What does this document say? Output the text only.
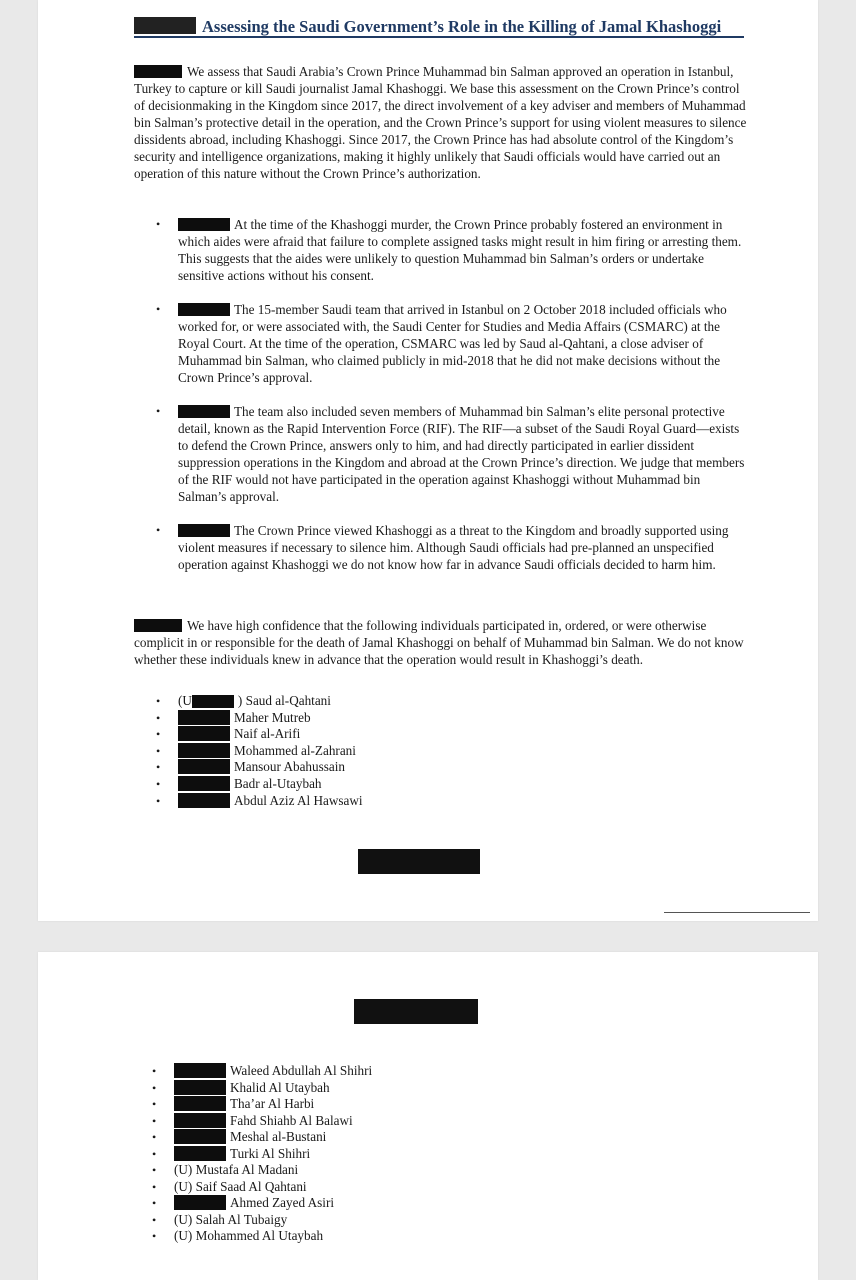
Assessing the Saudi Government’s Role in the Killing of Jamal Khashoggi

We assess that Saudi Arabia’s Crown Prince Muhammad bin Salman approved an operation in Istanbul, Turkey to capture or kill Saudi journalist Jamal Khashoggi. We base this assessment on the Crown Prince’s control of decisionmaking in the Kingdom since 2017, the direct involvement of a key adviser and members of Muhammad bin Salman’s protective detail in the operation, and the Crown Prince’s support for using violent measures to silence dissidents abroad, including Khashoggi. Since 2017, the Crown Prince has had absolute control of the Kingdom’s security and intelligence organizations, making it highly unlikely that Saudi officials would have carried out an operation of this nature without the Crown Prince’s authorization.

•	At the time of the Khashoggi murder, the Crown Prince probably fostered an environment in which aides were afraid that failure to complete assigned tasks might result in him firing or arresting them. This suggests that the aides were unlikely to question Muhammad bin Salman’s orders or undertake sensitive actions without his consent.
•	The 15-member Saudi team that arrived in Istanbul on 2 October 2018 included officials who worked for, or were associated with, the Saudi Center for Studies and Media Affairs (CSMARC) at the Royal Court. At the time of the operation, CSMARC was led by Saud al-Qahtani, a close adviser of Muhammad bin Salman, who claimed publicly in mid-2018 that he did not make decisions without the Crown Prince’s approval.
•	The team also included seven members of Muhammad bin Salman’s elite personal protective detail, known as the Rapid Intervention Force (RIF). The RIF—a subset of the Saudi Royal Guard—exists to defend the Crown Prince, answers only to him, and had directly participated in earlier dissident suppression operations in the Kingdom and abroad at the Crown Prince’s direction. We judge that members of the RIF would not have participated in the operation against Khashoggi without Muhammad bin Salman’s approval.
•	The Crown Prince viewed Khashoggi as a threat to the Kingdom and broadly supported using violent measures if necessary to silence him. Although Saudi officials had pre-planned an unspecified operation against Khashoggi we do not know how far in advance Saudi officials decided to harm him.

We have high confidence that the following individuals participated in, ordered, or were otherwise complicit in or responsible for the death of Jamal Khashoggi on behalf of Muhammad bin Salman. We do not know whether these individuals knew in advance that the operation would result in Khashoggi’s death.

• (U	) Saud al-Qahtani
•	Maher Mutreb
•	Naif al-Arifi
•	Mohammed al-Zahrani
•	Mansour Abahussain
•	Badr al-Utaybah
•	Abdul Aziz Al Hawsawi
•	Waleed Abdullah Al Shihri
•	Khalid Al Utaybah
•	Tha’ar Al Harbi
•	Fahd Shiahb Al Balawi
•	Meshal al-Bustani
•	Turki Al Shihri
• (U) Mustafa Al Madani
• (U) Saif Saad Al Qahtani
•	Ahmed Zayed Asiri
• (U) Salah Al Tubaigy
• (U) Mohammed Al Utaybah
